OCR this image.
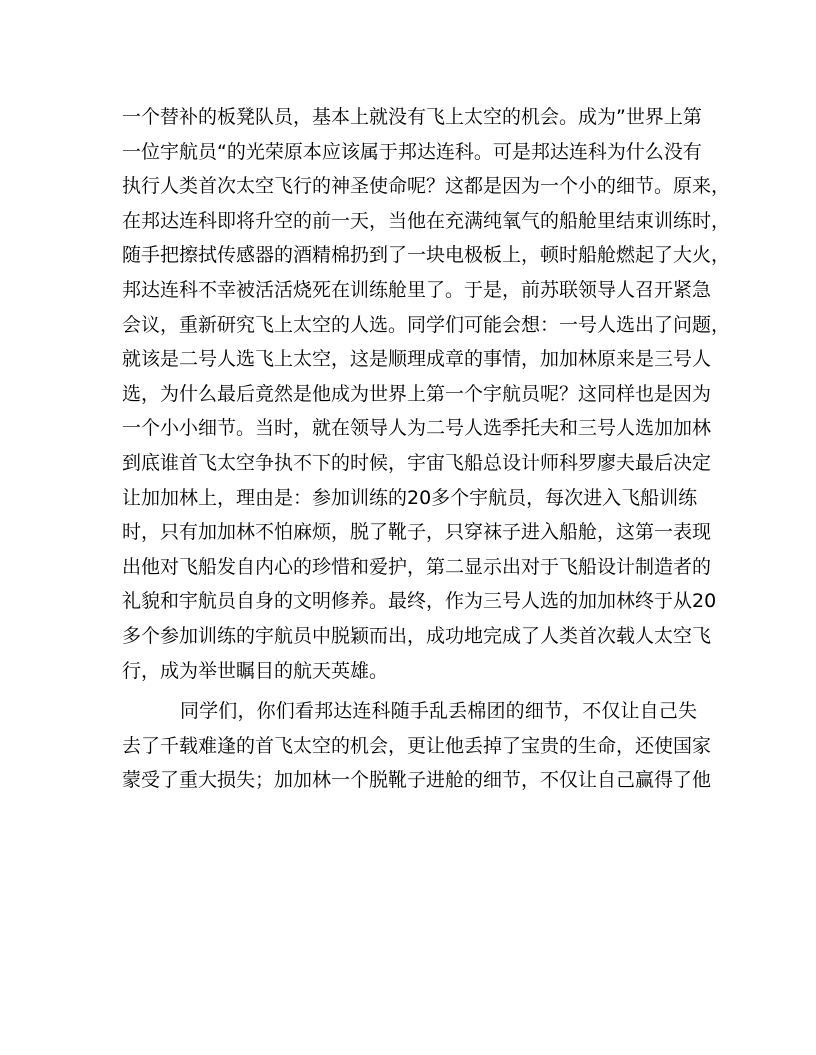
一个替补的板凳队员，基本上就没有飞上太空的机会。成为”世界上第
一位宇航员“的光荣原本应该属于邦达连科。可是邦达连科为什么没有
执行人类首次太空飞行的神圣使命呢？这都是因为一个小的细节。原来，
在邦达连科即将升空的前一天，当他在充满纯氧气的船舱里结束训练时，
随手把擦拭传感器的酒精棉扔到了一块电极板上，顿时船舱燃起了大火，
邦达连科不幸被活活烧死在训练舱里了。于是，前苏联领导人召开紧急
会议，重新研究飞上太空的人选。同学们可能会想：一号人选出了问题，
就该是二号人选飞上太空，这是顺理成章的事情，加加林原来是三号人
选，为什么最后竟然是他成为世界上第一个宇航员呢？这同样也是因为
一个小小细节。当时，就在领导人为二号人选季托夫和三号人选加加林
到底谁首飞太空争执不下的时候，宇宙飞船总设计师科罗廖夫最后决定
让加加林上，理由是：参加训练的20多个宇航员，每次进入飞船训练
时，只有加加林不怕麻烦，脱了靴子，只穿袜子进入船舱，这第一表现
出他对飞船发自内心的珍惜和爱护，第二显示出对于飞船设计制造者的
礼貌和宇航员自身的文明修养。最终，作为三号人选的加加林终于从20
多个参加训练的宇航员中脱颖而出，成功地完成了人类首次载人太空飞
行，成为举世瞩目的航天英雄。
同学们，你们看邦达连科随手乱丢棉团的细节，不仅让自己失
去了千载难逢的首飞太空的机会，更让他丢掉了宝贵的生命，还使国家
蒙受了重大损失；加加林一个脱靴子进舱的细节，不仅让自己赢得了他
